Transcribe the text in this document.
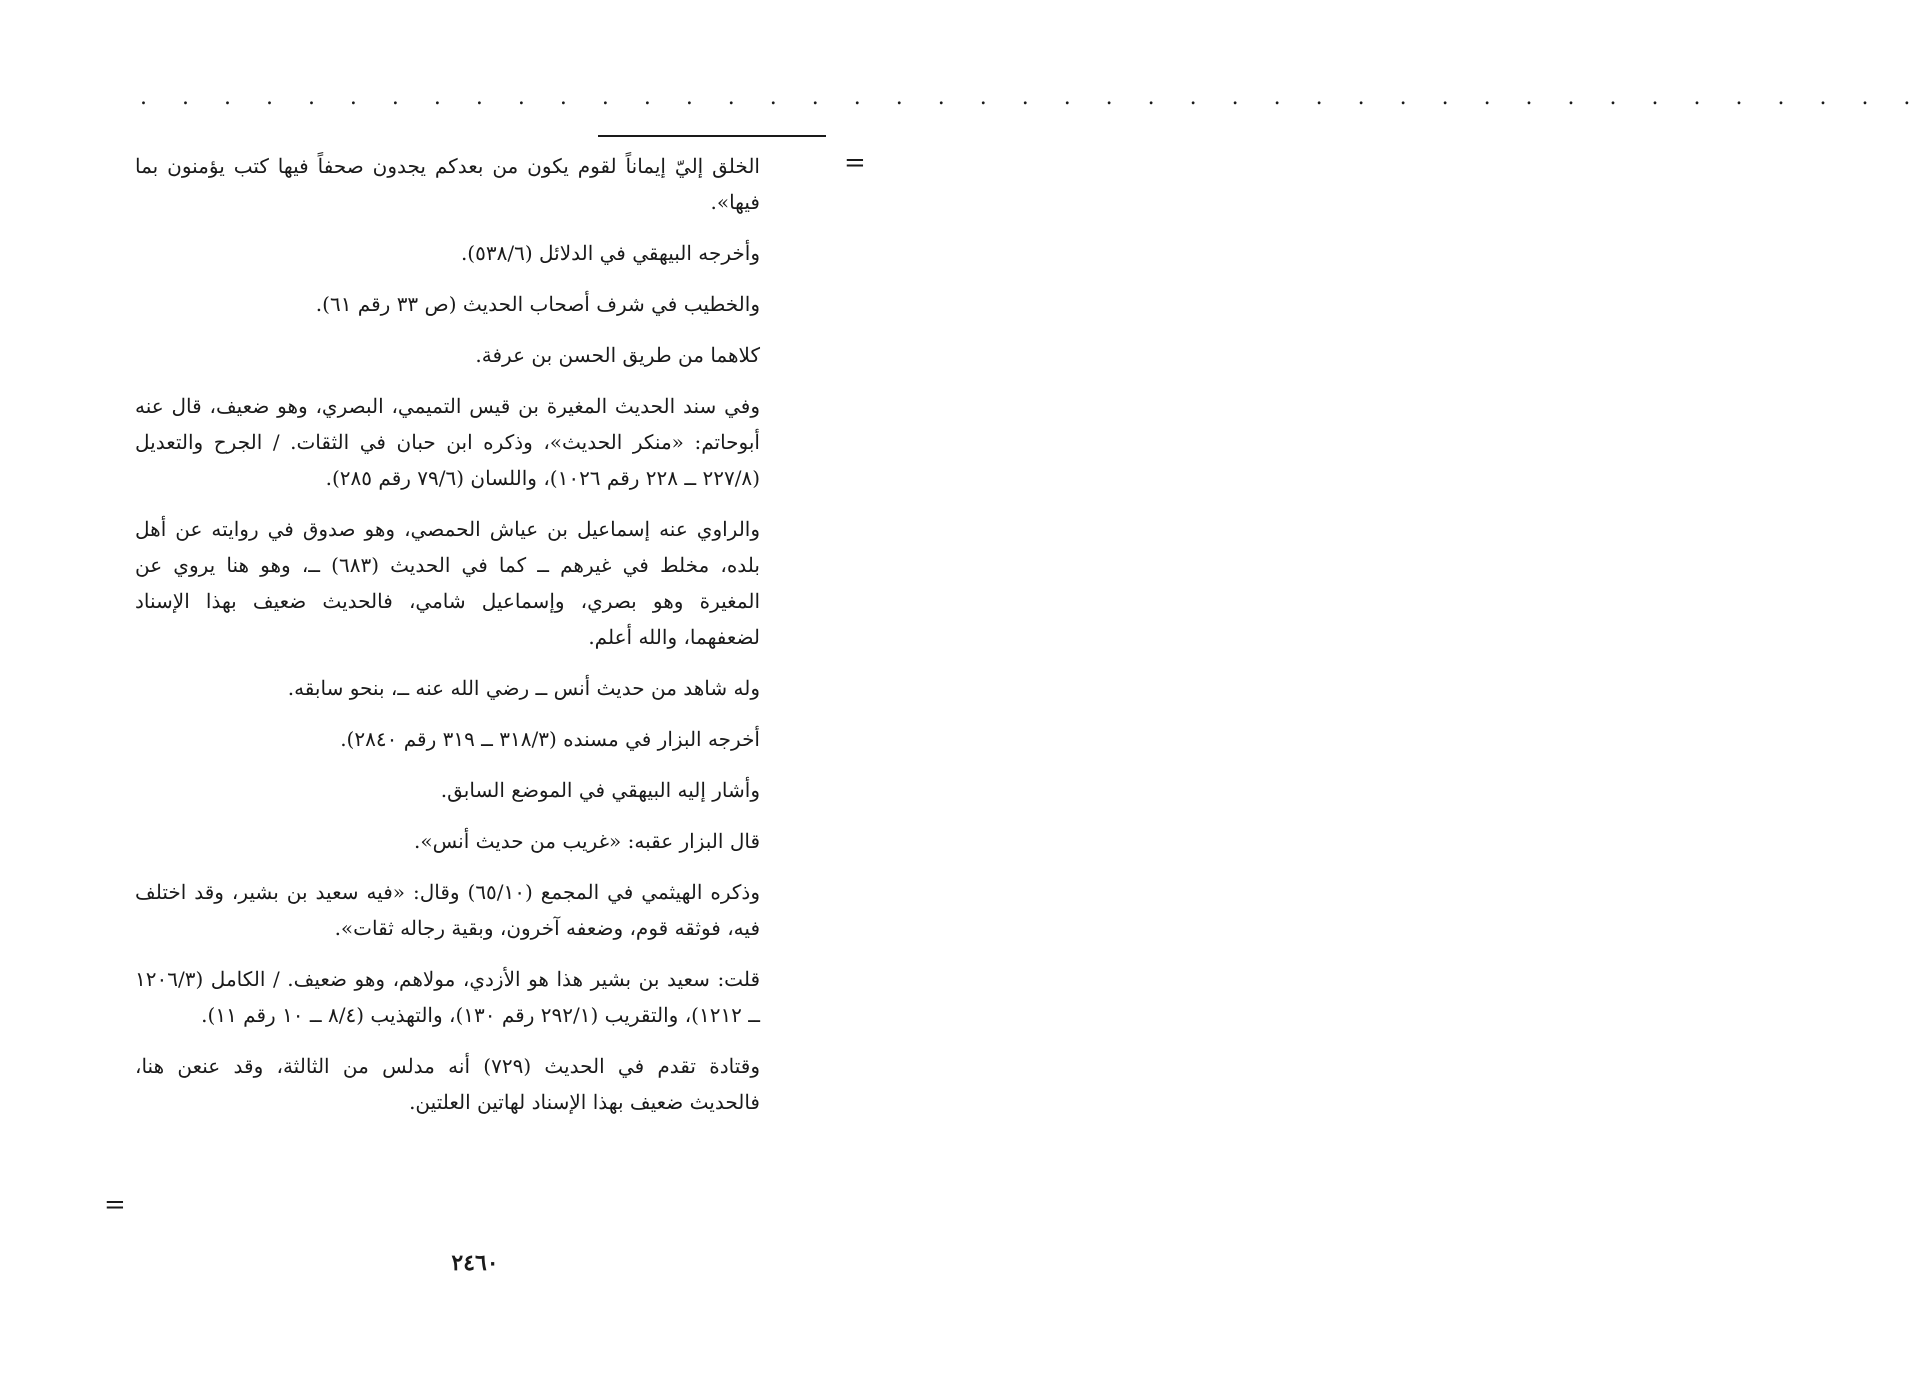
. . . . . . . . . . . . . . . . . . . . . . . . . . . . . . . . . . . . . . . . . . .
=

الخلق إليّ إيماناً لقوم يكون من بعدكم يجدون صحفاً فيها كتب يؤمنون بما فيها».

وأخرجه البيهقي في الدلائل (٥٣٨/٦).

والخطيب في شرف أصحاب الحديث (ص ٣٣ رقم ٦١).

كلاهما من طريق الحسن بن عرفة.

وفي سند الحديث المغيرة بن قيس التميمي، البصري، وهو ضعيف، قال عنه أبوحاتم: «منكر الحديث»، وذكره ابن حبان في الثقات. / الجرح والتعديل (٢٢٧/٨ ــ ٢٢٨ رقم ١٠٢٦)، واللسان (٧٩/٦ رقم ٢٨٥).

والراوي عنه إسماعيل بن عياش الحمصي، وهو صدوق في روايته عن أهل بلده، مخلط في غيرهم ــ كما في الحديث (٦٨٣) ــ، وهو هنا يروي عن المغيرة وهو بصري، وإسماعيل شامي، فالحديث ضعيف بهذا الإسناد لضعفهما، والله أعلم.

وله شاهد من حديث أنس ــ رضي الله عنه ــ، بنحو سابقه.

أخرجه البزار في مسنده (٣١٨/٣ ــ ٣١٩ رقم ٢٨٤٠).

وأشار إليه البيهقي في الموضع السابق.

قال البزار عقبه: «غريب من حديث أنس».

وذكره الهيثمي في المجمع (٦٥/١٠) وقال: «فيه سعيد بن بشير، وقد اختلف فيه، فوثقه قوم، وضعفه آخرون، وبقية رجاله ثقات».

قلت: سعيد بن بشير هذا هو الأزدي، مولاهم، وهو ضعيف. / الكامل (١٢٠٦/٣ ــ ١٢١٢)، والتقريب (٢٩٢/١ رقم ١٣٠)، والتهذيب (٨/٤ ــ ١٠ رقم ١١).

وقتادة تقدم في الحديث (٧٢٩) أنه مدلس من الثالثة، وقد عنعن هنا، فالحديث ضعيف بهذا الإسناد لهاتين العلتين.

=
٢٤٦٠
